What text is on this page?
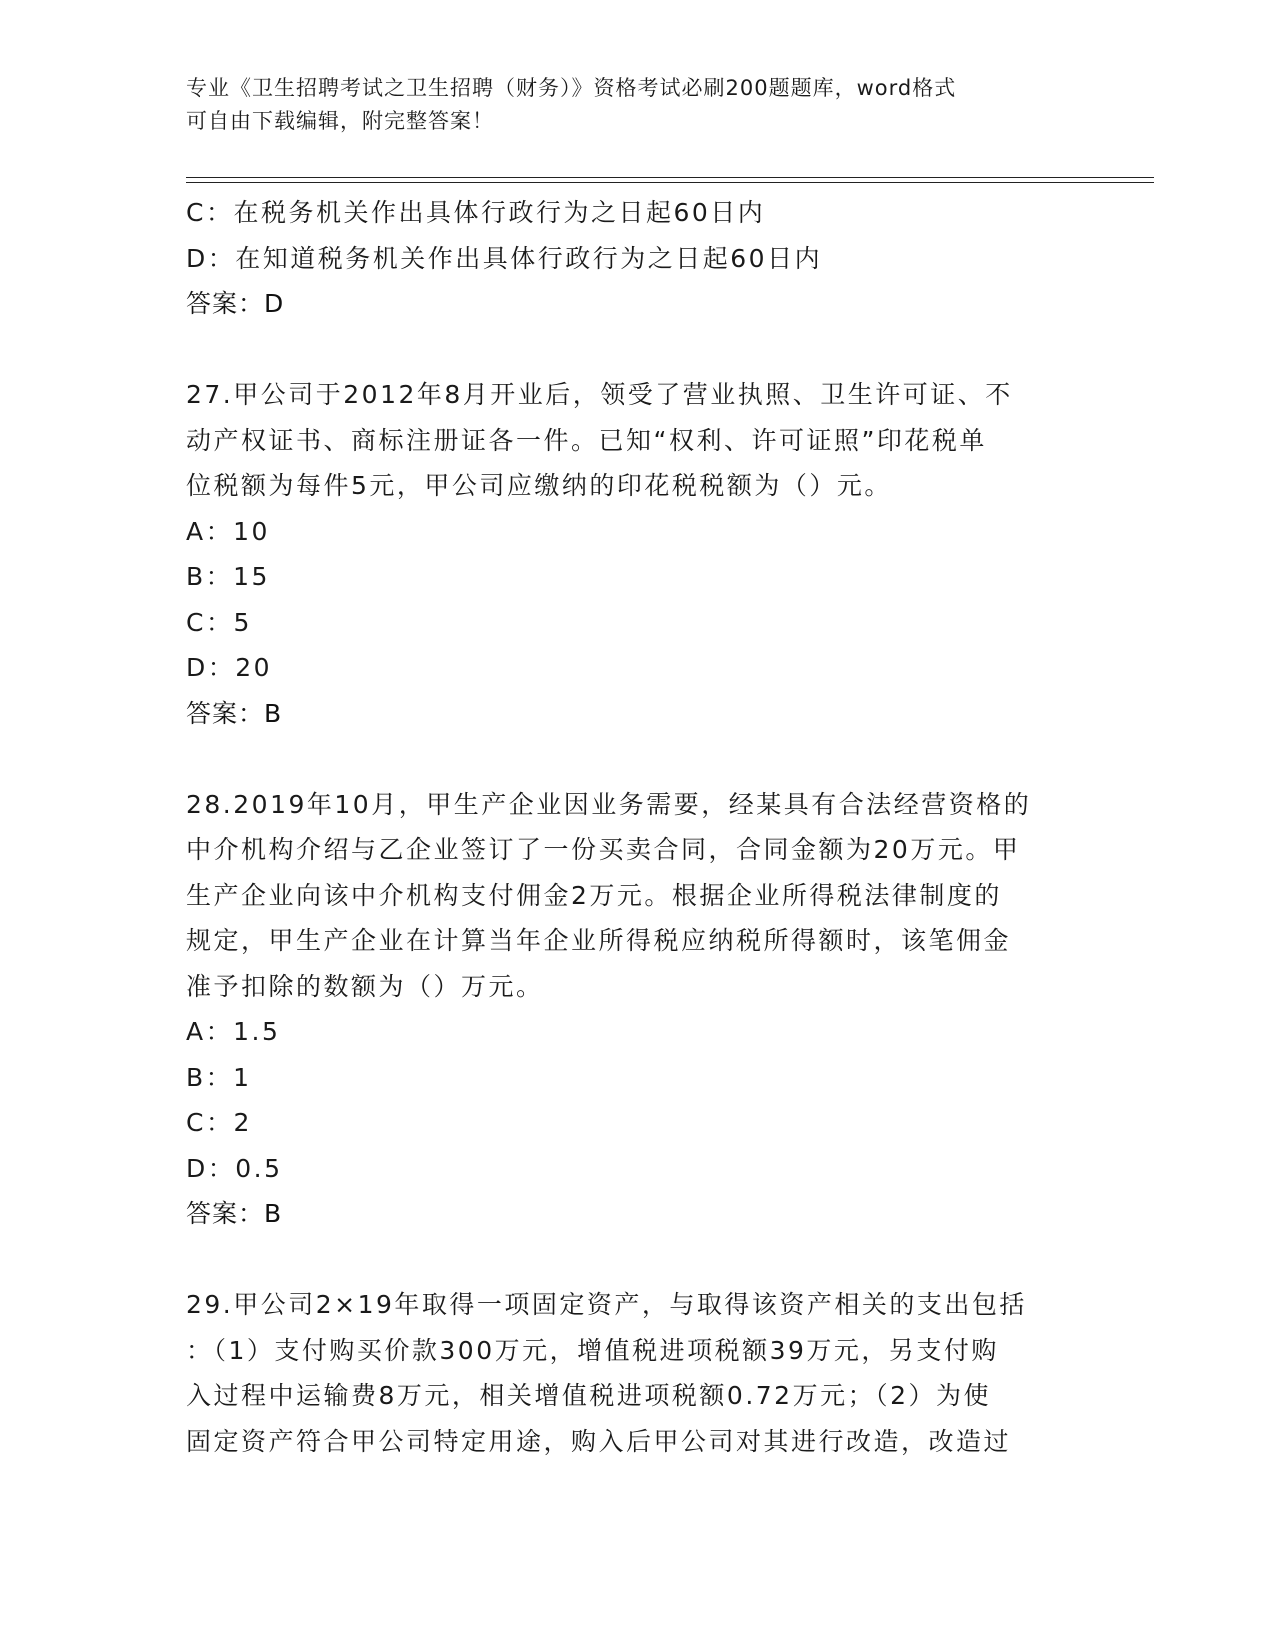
专业《卫生招聘考试之卫生招聘（财务）》资格考试必刷200题题库，word格式
可自由下载编辑，附完整答案！
C：在税务机关作出具体行政行为之日起60日内
D：在知道税务机关作出具体行政行为之日起60日内
答案：D
27.甲公司于2012年8月开业后，领受了营业执照、卫生许可证、不
动产权证书、商标注册证各一件。已知“权利、许可证照”印花税单
位税额为每件5元，甲公司应缴纳的印花税税额为（）元。
A：10
B：15
C：5
D：20
答案：B
28.2019年10月，甲生产企业因业务需要，经某具有合法经营资格的
中介机构介绍与乙企业签订了一份买卖合同，合同金额为20万元。甲
生产企业向该中介机构支付佣金2万元。根据企业所得税法律制度的
规定，甲生产企业在计算当年企业所得税应纳税所得额时，该笔佣金
准予扣除的数额为（）万元。
A：1.5
B：1
C：2
D：0.5
答案：B
29.甲公司2×19年取得一项固定资产，与取得该资产相关的支出包括
：（1）支付购买价款300万元，增值税进项税额39万元，另支付购
入过程中运输费8万元，相关增值税进项税额0.72万元；（2）为使
固定资产符合甲公司特定用途，购入后甲公司对其进行改造，改造过
